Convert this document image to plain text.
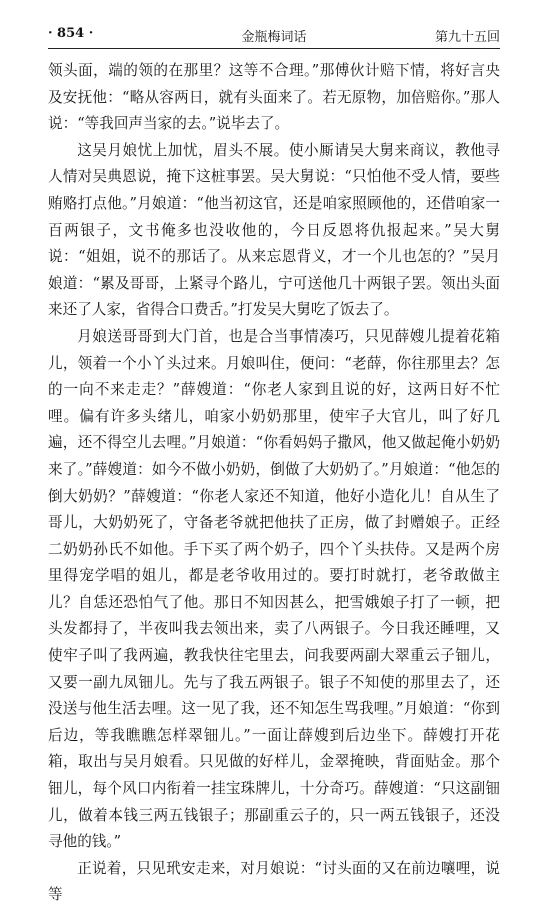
· 854 ·	金瓶梅词话	第九十五回

领头面，端的领的在那里？这等不合理。”那傅伙计赔下情，将好言央及安抚他：“略从容两日，就有头面来了。若无原物，加倍赔你。”那人说：“等我回声当家的去。”说毕去了。

这吴月娘忧上加忧，眉头不展。使小厮请吴大舅来商议，教他寻人情对吴典恩说，掩下这桩事罢。吴大舅说：“只怕他不受人情，要些贿赂打点他。”月娘道：“他当初这官，还是咱家照顾他的，还借咱家一百两银子，文书俺多也没收他的，今日反恩将仇报起来。”吴大舅说：“姐姐，说不的那话了。从来忘恩背义，才一个儿也怎的？”吴月娘道：“累及哥哥，上紧寻个路儿，宁可送他几十两银子罢。领出头面来还了人家，省得合口费舌。”打发吴大舅吃了饭去了。

月娘送哥哥到大门首，也是合当事情凑巧，只见薛嫂儿提着花箱儿，领着一个小丫头过来。月娘叫住，便问：“老薛，你往那里去？怎的一向不来走走？”薛嫂道：“你老人家到且说的好，这两日好不忙哩。偏有许多头绪儿，咱家小奶奶那里，使牢子大官儿，叫了好几遍，还不得空儿去哩。”月娘道：“你看妈妈子撒风，他又做起俺小奶奶来了。”薛嫂道：如今不做小奶奶，倒做了大奶奶了。”月娘道：“他怎的倒大奶奶？”薛嫂道：“你老人家还不知道，他好小造化儿！自从生了哥儿，大奶奶死了，守备老爷就把他扶了正房，做了封赠娘子。正经二奶奶孙氏不如他。手下买了两个奶子，四个丫头扶侍。又是两个房里得宠学唱的姐儿，都是老爷收用过的。要打时就打，老爷敢做主儿？自恁还恐怕气了他。那日不知因甚么，把雪娥娘子打了一顿，把头发都挦了，半夜叫我去领出来，卖了八两银子。今日我还睡哩，又使牢子叫了我两遍，教我快往宅里去，问我要两副大翠重云子钿儿，又要一副九凤钿儿。先与了我五两银子。银子不知使的那里去了，还没送与他生活去哩。这一见了我，还不知怎生骂我哩。”月娘道：“你到后边，等我瞧瞧怎样翠钿儿。”一面让薛嫂到后边坐下。薛嫂打开花箱，取出与吴月娘看。只见做的好样儿，金翠掩映，背面贴金。那个钿儿，每个风口内衔着一挂宝珠牌儿，十分奇巧。薛嫂道：“只这副钿儿，做着本钱三两五钱银子；那副重云子的，只一两五钱银子，还没寻他的钱。”

正说着，只见玳安走来，对月娘说：“讨头面的又在前边嚷哩，说等
